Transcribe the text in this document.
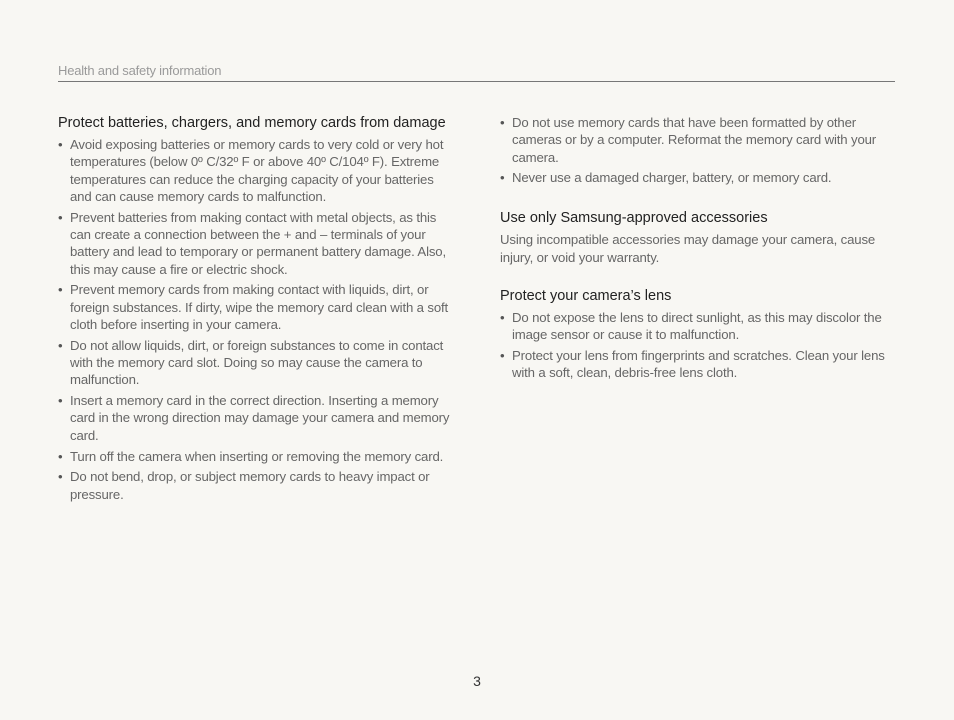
Health and safety information
Protect batteries, chargers, and memory cards from damage
• Avoid exposing batteries or memory cards to very cold or very hot temperatures (below 0º C/32º F or above 40º C/104º F). Extreme temperatures can reduce the charging capacity of your batteries and can cause memory cards to malfunction.
• Prevent batteries from making contact with metal objects, as this can create a connection between the + and – terminals of your battery and lead to temporary or permanent battery damage. Also, this may cause a fire or electric shock.
• Prevent memory cards from making contact with liquids, dirt, or foreign substances. If dirty, wipe the memory card clean with a soft cloth before inserting in your camera.
• Do not allow liquids, dirt, or foreign substances to come in contact with the memory card slot. Doing so may cause the camera to malfunction.
• Insert a memory card in the correct direction. Inserting a memory card in the wrong direction may damage your camera and memory card.
• Turn off the camera when inserting or removing the memory card.
• Do not bend, drop, or subject memory cards to heavy impact or pressure.
• Do not use memory cards that have been formatted by other cameras or by a computer. Reformat the memory card with your camera.
• Never use a damaged charger, battery, or memory card.
Use only Samsung-approved accessories

Using incompatible accessories may damage your camera, cause injury, or void your warranty.

Protect your camera’s lens
• Do not expose the lens to direct sunlight, as this may discolor the image sensor or cause it to malfunction.
• Protect your lens from fingerprints and scratches. Clean your lens with a soft, clean, debris-free lens cloth.
3
